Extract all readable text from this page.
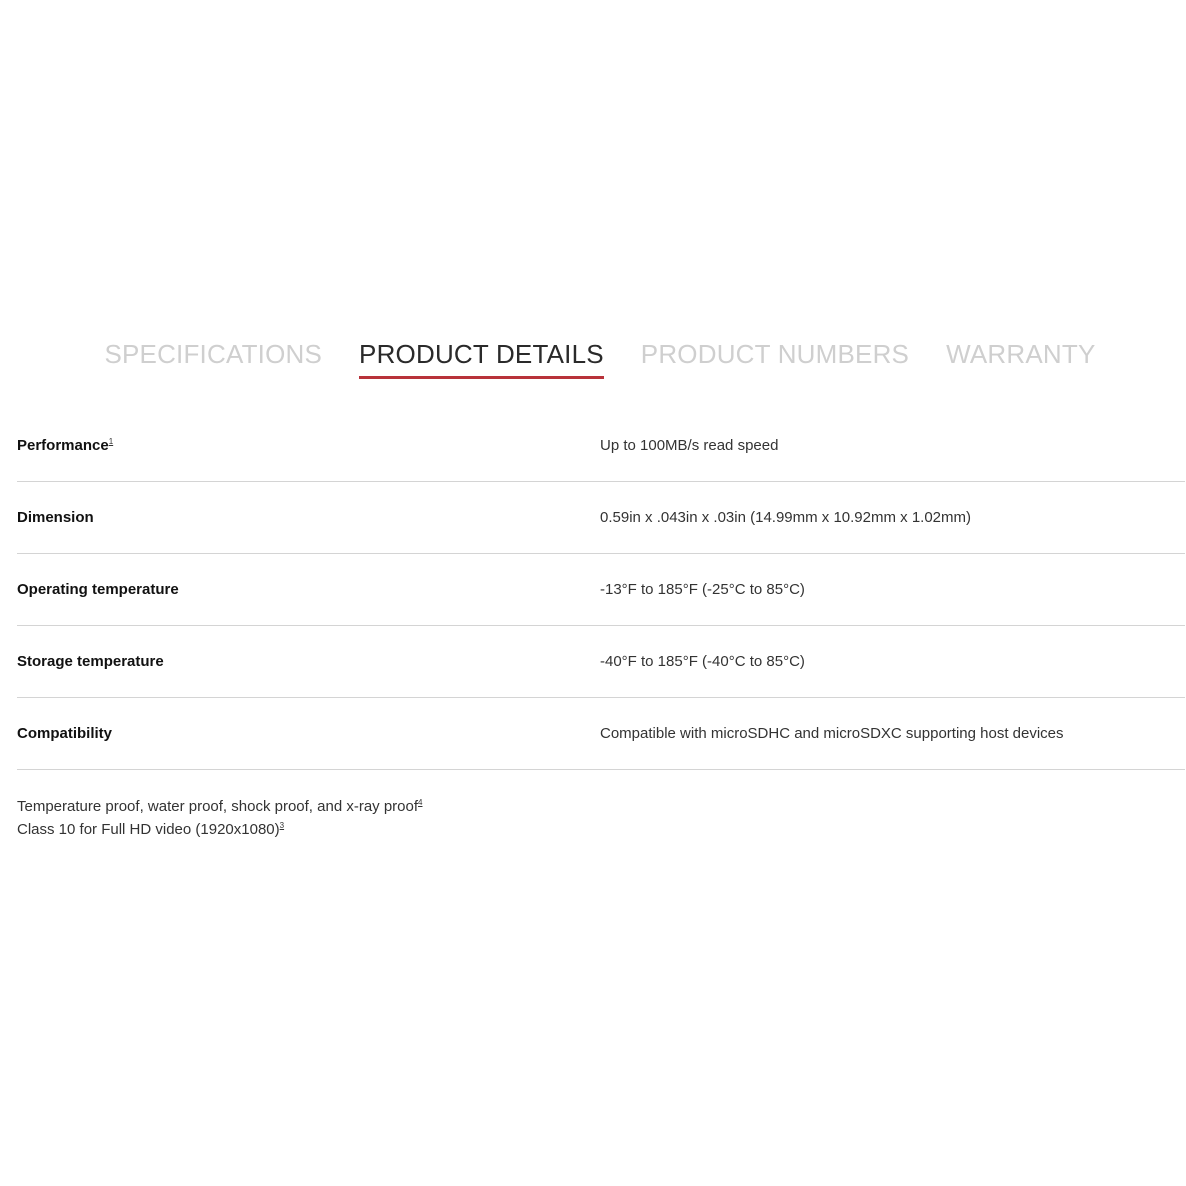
SPECIFICATIONS PRODUCT DETAILS PRODUCT NUMBERS WARRANTY
Performance$^1$	Up to 100MB/s read speed
Dimension	0.59in x .043in x .03in (14.99mm x 10.92mm x 1.02mm)
Operating temperature	-13°F to 185°F (-25°C to 85°C)
Storage temperature	-40°F to 185°F (-40°C to 85°C)
Compatibility	Compatible with microSDHC and microSDXC supporting host devices
Temperature proof, water proof, shock proof, and x-ray proof$^4$
Class 10 for Full HD video (1920x1080)$^3$
